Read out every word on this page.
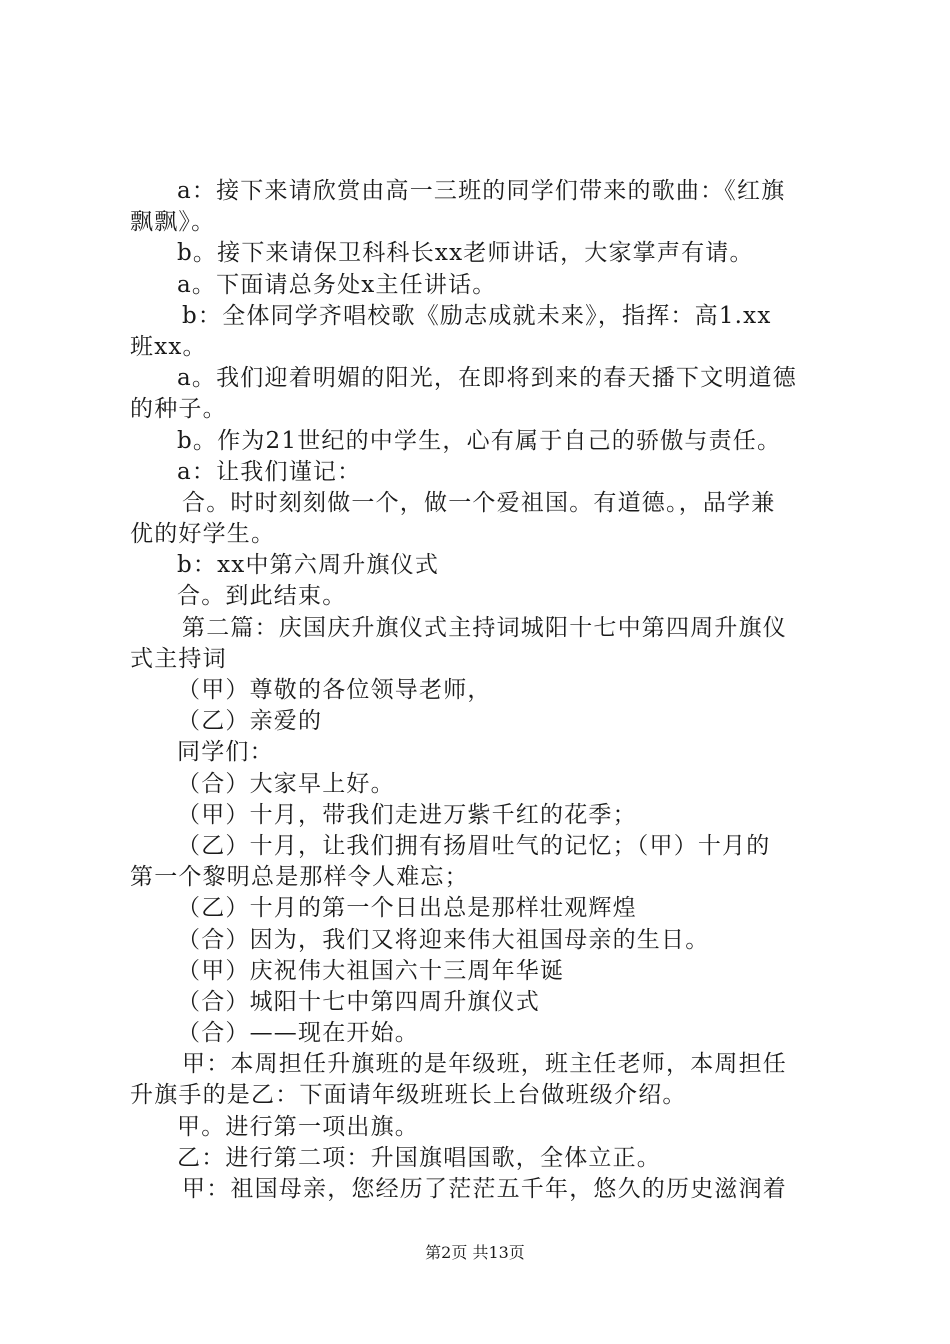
a：接下来请欣赏由高一三班的同学们带来的歌曲：《红旗
飘飘》。
b。接下来请保卫科科长xx老师讲话，大家掌声有请。
a。下面请总务处x主任讲话。
b：全体同学齐唱校歌《励志成就未来》，指挥：高1.xx
班xx。
a。我们迎着明媚的阳光，在即将到来的春天播下文明道德
的种子。
b。作为21世纪的中学生，心有属于自己的骄傲与责任。
a：让我们谨记：
合。时时刻刻做一个，做一个爱祖国。有道德。，品学兼
优的好学生。
b：xx中第六周升旗仪式
合。到此结束。
第二篇：庆国庆升旗仪式主持词城阳十七中第四周升旗仪
式主持词
（甲）尊敬的各位领导老师，
（乙）亲爱的
同学们：
（合）大家早上好。
（甲）十月，带我们走进万紫千红的花季；
（乙）十月，让我们拥有扬眉吐气的记忆；（甲）十月的
第一个黎明总是那样令人难忘；
（乙）十月的第一个日出总是那样壮观辉煌
（合）因为，我们又将迎来伟大祖国母亲的生日。
（甲）庆祝伟大祖国六十三周年华诞
（合）城阳十七中第四周升旗仪式
（合）——现在开始。
甲：本周担任升旗班的是年级班，班主任老师，本周担任
升旗手的是乙：下面请年级班班长上台做班级介绍。
甲。进行第一项出旗。
乙：进行第二项：升国旗唱国歌，全体立正。
甲：祖国母亲，您经历了茫茫五千年，悠久的历史滋润着
第2页 共13页
